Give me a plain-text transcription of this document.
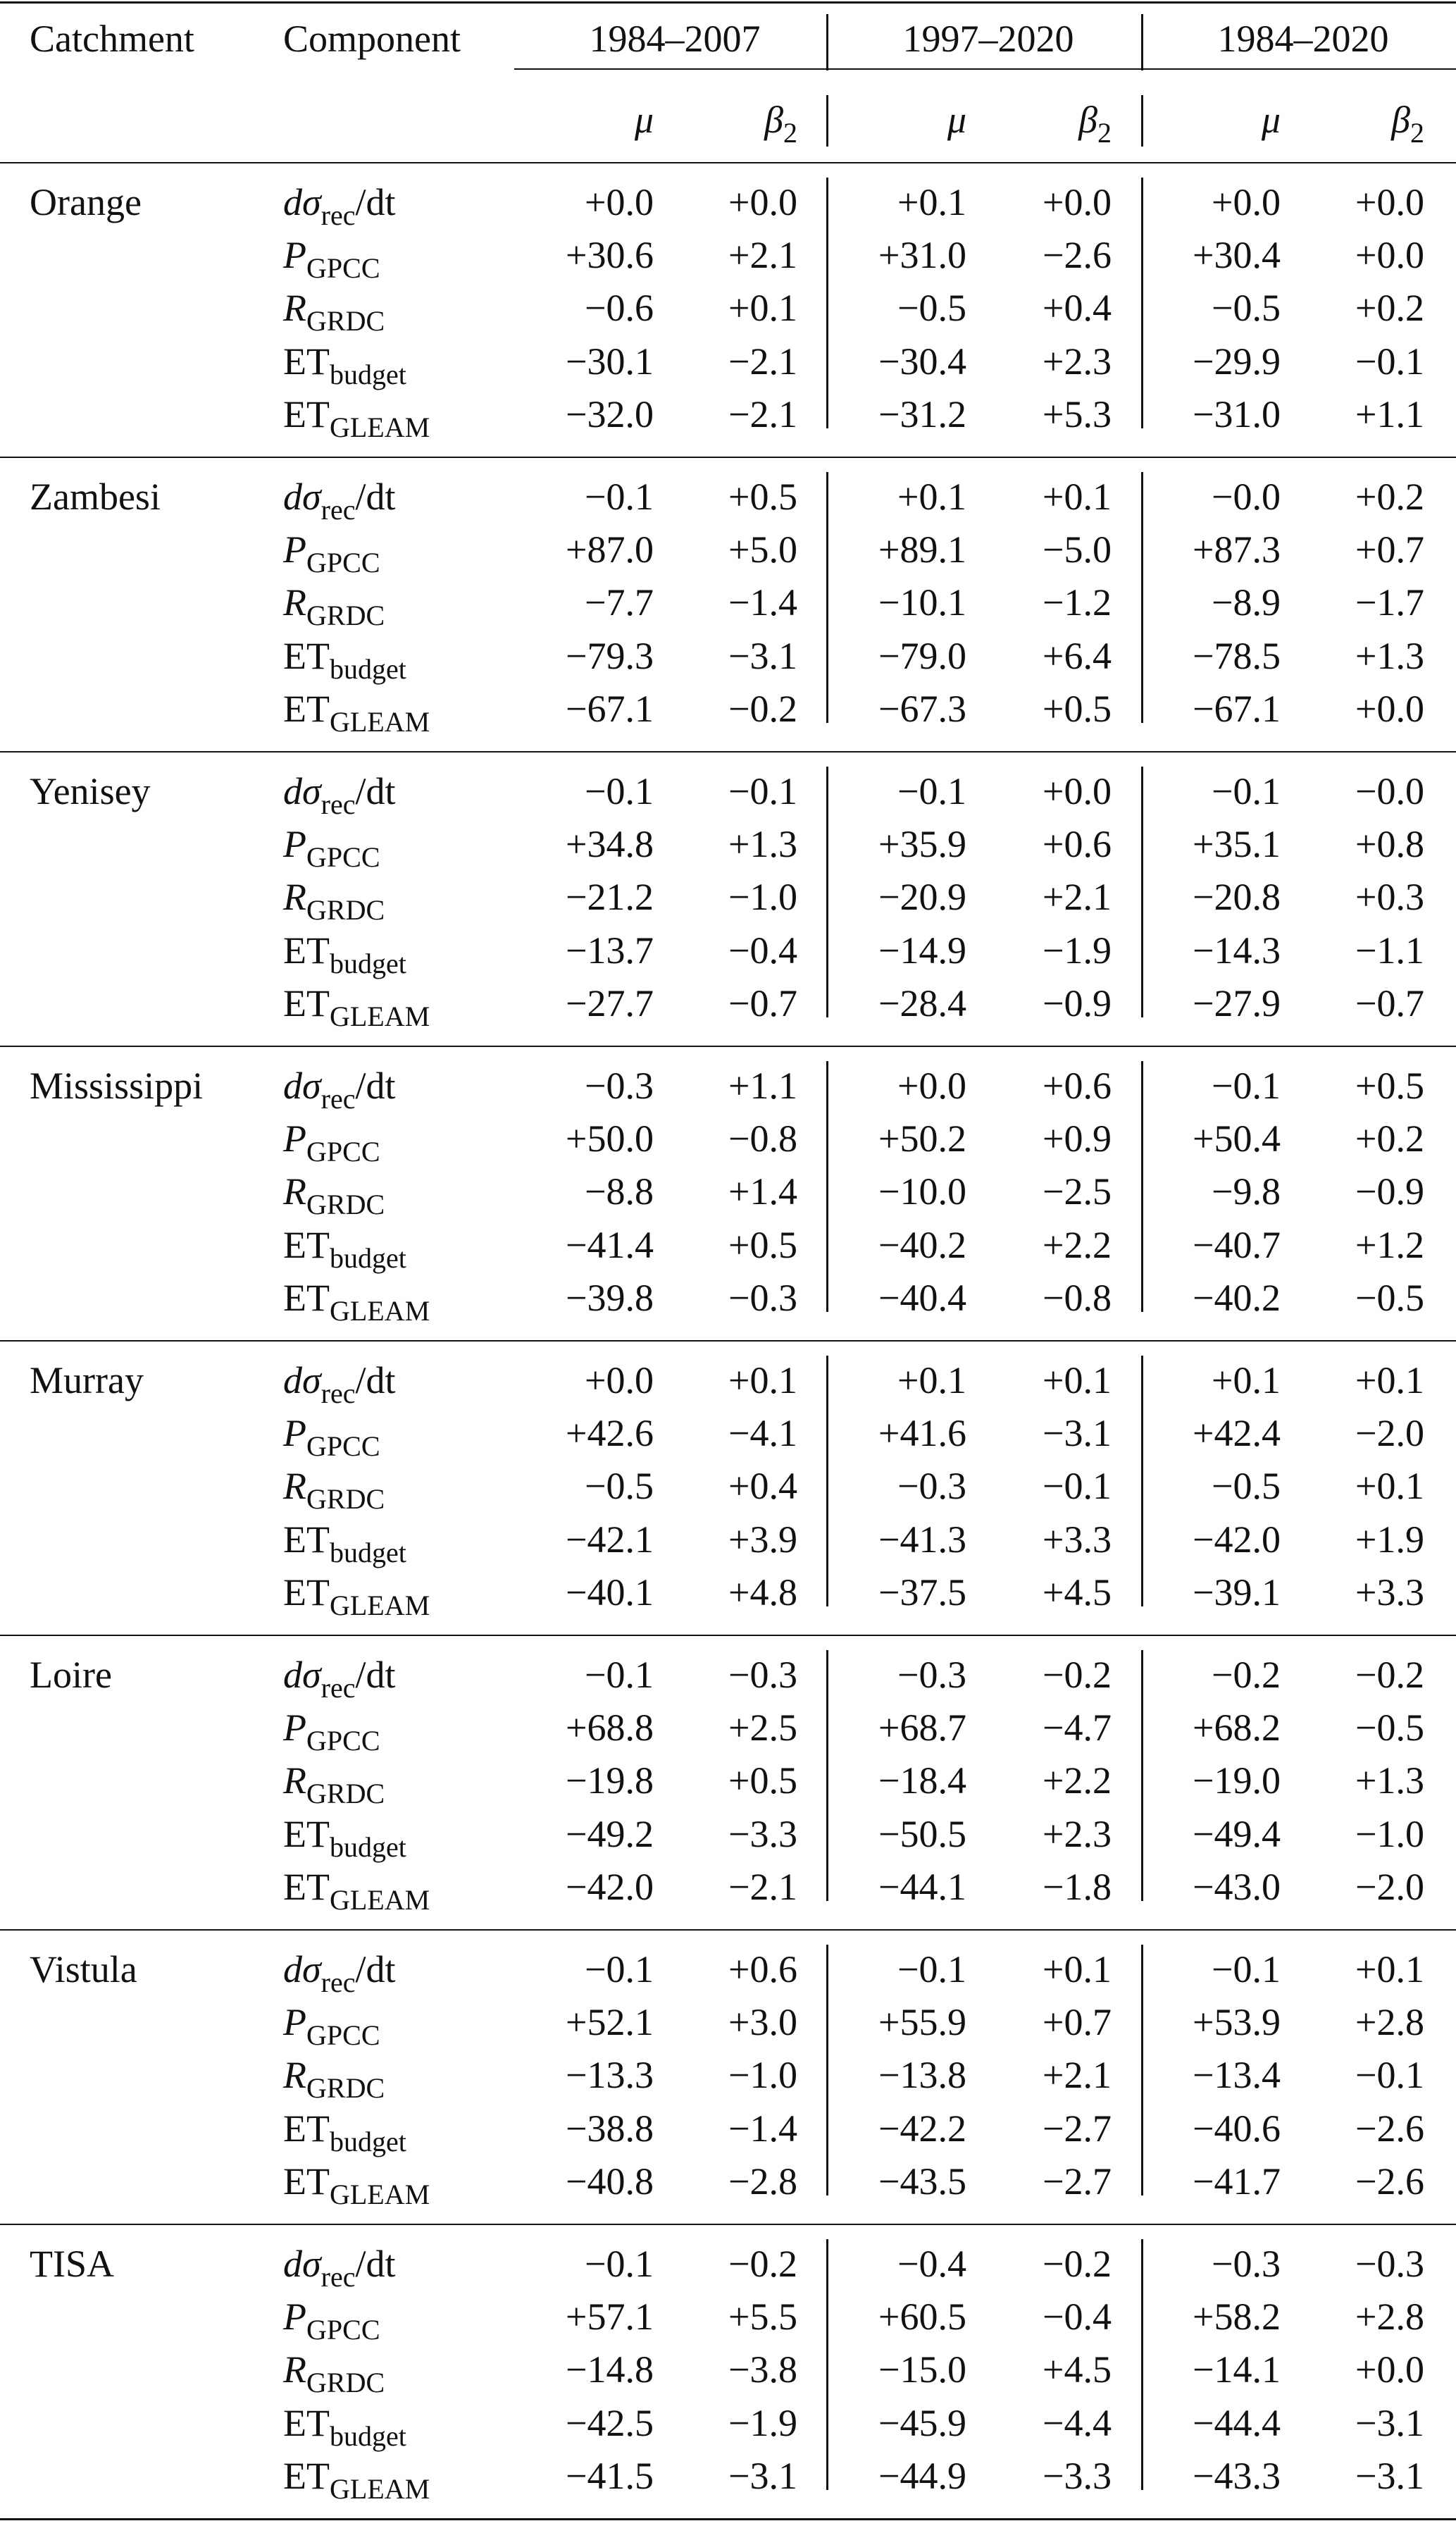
Catchment Component	1984–2007	1997–2020	1984–2020
μ	$\beta_2$	μ	$\beta_2$	μ	$\beta_2$
Orange	$d\sigma_{rec}/dt$	+0.0 +0.0	+0.1 +0.0	+0.0 +0.0
$P_{GPCC}$	+30.6 +2.1 +31.0 −2.6 +30.4 +0.0
$R_{GRDC}$	−0.6 +0.1	−0.5 +0.4	−0.5 +0.2
$ET_{budget}$	−30.1 −2.1 −30.4 +2.3 −29.9 −0.1
$ET_{GLEAM}$	−32.0 −2.1 −31.2 +5.3 −31.0 +1.1
Zambesi	$d\sigma_{rec}/dt$	−0.1 +0.5	+0.1 +0.1	−0.0 +0.2
$P_{GPCC}$	+87.0 +5.0 +89.1 −5.0 +87.3 +0.7
$R_{GRDC}$	−7.7 −1.4 −10.1 −1.2	−8.9 −1.7
$ET_{budget}$	−79.3 −3.1 −79.0 +6.4 −78.5 +1.3
$ET_{GLEAM}$	−67.1 −0.2 −67.3 +0.5 −67.1 +0.0
Yenisey	$d\sigma_{rec}/dt$	−0.1 −0.1	−0.1 +0.0	−0.1 −0.0
$P_{GPCC}$	+34.8 +1.3 +35.9 +0.6 +35.1 +0.8
$R_{GRDC}$	−21.2 −1.0 −20.9 +2.1 −20.8 +0.3
$ET_{budget}$	−13.7 −0.4 −14.9 −1.9 −14.3 −1.1
$ET_{GLEAM}$	−27.7 −0.7 −28.4 −0.9 −27.9 −0.7
Mississippi $d\sigma_{rec}/dt$	−0.3 +1.1	+0.0 +0.6	−0.1 +0.5
$P_{GPCC}$	+50.0 −0.8 +50.2 +0.9 +50.4 +0.2
$R_{GRDC}$	−8.8 +1.4 −10.0 −2.5	−9.8 −0.9
$ET_{budget}$	−41.4 +0.5 −40.2 +2.2 −40.7 +1.2
$ET_{GLEAM}$	−39.8 −0.3 −40.4 −0.8 −40.2 −0.5
Murray	$d\sigma_{rec}/dt$	+0.0 +0.1	+0.1 +0.1	+0.1 +0.1
$P_{GPCC}$	+42.6 −4.1 +41.6 −3.1 +42.4 −2.0
$R_{GRDC}$	−0.5 +0.4	−0.3 −0.1	−0.5 +0.1
$ET_{budget}$	−42.1 +3.9 −41.3 +3.3 −42.0 +1.9
$ET_{GLEAM}$	−40.1 +4.8 −37.5 +4.5 −39.1 +3.3
Loire	$d\sigma_{rec}/dt$	−0.1 −0.3	−0.3 −0.2	−0.2 −0.2
$P_{GPCC}$	+68.8 +2.5 +68.7 −4.7 +68.2 −0.5
$R_{GRDC}$	−19.8 +0.5 −18.4 +2.2 −19.0 +1.3
$ET_{budget}$	−49.2 −3.3 −50.5 +2.3 −49.4 −1.0
$ET_{GLEAM}$	−42.0 −2.1 −44.1 −1.8 −43.0 −2.0
Vistula	$d\sigma_{rec}/dt$	−0.1 +0.6	−0.1 +0.1	−0.1 +0.1
$P_{GPCC}$	+52.1 +3.0 +55.9 +0.7 +53.9 +2.8
$R_{GRDC}$	−13.3 −1.0 −13.8 +2.1 −13.4 −0.1
$ET_{budget}$	−38.8 −1.4 −42.2 −2.7 −40.6 −2.6
$ET_{GLEAM}$	−40.8 −2.8 −43.5 −2.7 −41.7 −2.6
TISA	$d\sigma_{rec}/dt$	−0.1 −0.2	−0.4 −0.2	−0.3 −0.3
$P_{GPCC}$	+57.1 +5.5 +60.5 −0.4 +58.2 +2.8
$R_{GRDC}$	−14.8 −3.8 −15.0 +4.5 −14.1 +0.0
$ET_{budget}$	−42.5 −1.9 −45.9 −4.4 −44.4 −3.1
$ET_{GLEAM}$	−41.5 −3.1 −44.9 −3.3 −43.3 −3.1
